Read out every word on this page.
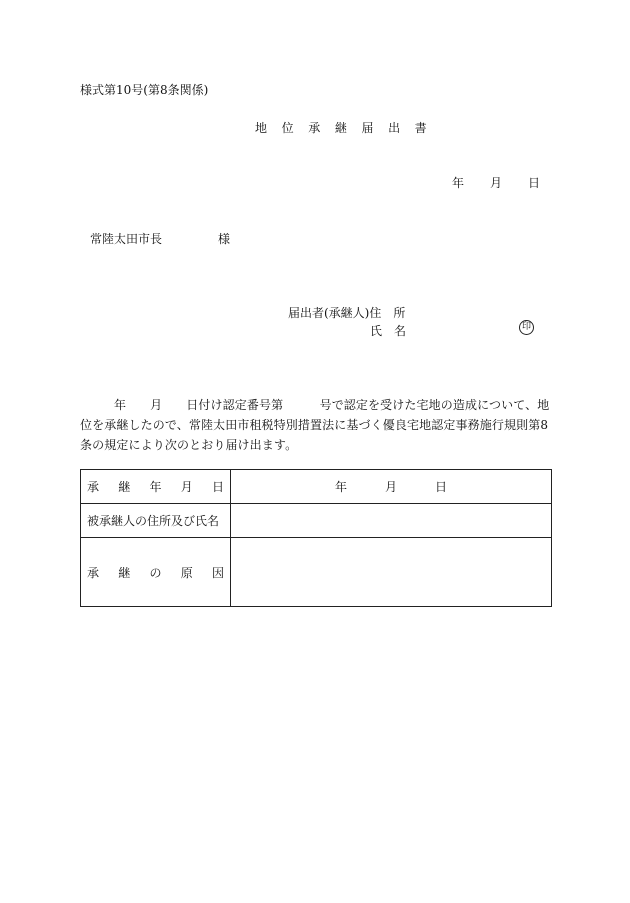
様式第10号(第8条関係)
地 位 承 継 届 出 書
年 月 日
常陸太田市長	様
届出者(承継人)住　所
氏　名	印
年 月 日付け認定番号第　　　号で認定を受けた宅地の造成について、地位を承継したので、常陸太田市租税特別措置法に基づく優良宅地認定事務施行規則第8条の規定により次のとおり届け出ます。
承 継 年 月 日	年 月 日
被承継人の住所及び氏名	

承 継 の 原 因	
